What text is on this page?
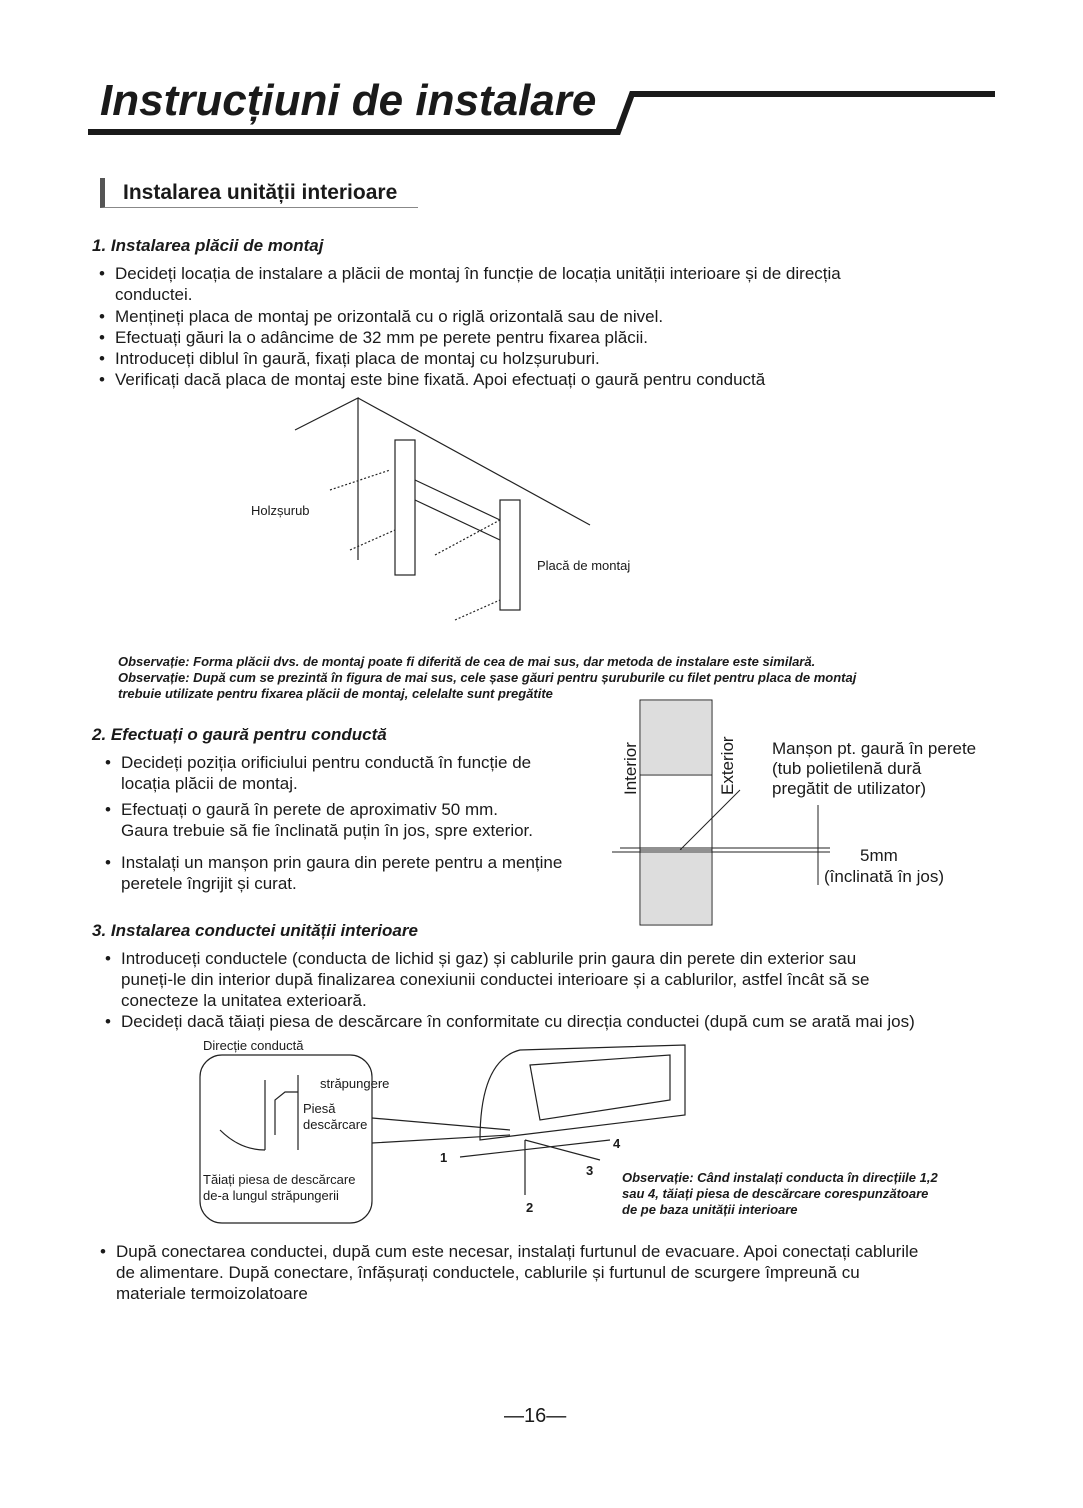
Instrucțiuni de instalare
Instalarea unității interioare
1. Instalarea plăcii de montaj
• Decideți locația de instalare a plăcii de montaj în funcție de locația unității interioare și de direcția
conductei.
• Mențineți placa de montaj pe orizontală cu o riglă orizontală sau de nivel.
• Efectuați găuri la o adâncime de 32 mm pe perete pentru fixarea plăcii.
• Introduceți diblul în gaură, fixați placa de montaj cu holzșuruburi.
• Verificați dacă placa de montaj este bine fixată. Apoi efectuați o gaură pentru conductă
Holzșurub
Placă de montaj
Observație: Forma plăcii dvs. de montaj poate fi diferită de cea de mai sus, dar metoda de instalare este similară.
Observație: După cum se prezintă în figura de mai sus, cele șase găuri pentru șuruburile cu filet pentru placa de montaj
trebuie utilizate pentru fixarea plăcii de montaj, celelalte sunt pregătite
2. Efectuați o gaură pentru conductă
• Decideți poziția orificiului pentru conductă în funcție de
locația plăcii de montaj.
• Efectuați o gaură în perete de aproximativ 50 mm.
Gaura trebuie să fie înclinată puțin în jos, spre exterior.
• Instalați un manșon prin gaura din perete pentru a menține
peretele îngrijit și curat.
Interior	Exterior Manșon pt. gaură în perete
(tub polietilenă dură
pregătit de utilizator)
5mm
(înclinată în jos)
3. Instalarea conductei unității interioare
• Introduceți conductele (conducta de lichid și gaz) și cablurile prin gaura din perete din exterior sau
puneți-le din interior după finalizarea conexiunii conductei interioare și a cablurilor, astfel încât să se
conecteze la unitatea exterioară.
• Decideți dacă tăiați piesa de descărcare în conformitate cu direcția conductei (după cum se arată mai jos)
Direcție conductă
străpungere
Piesă
descărcare
Tăiați piesa de descărcare
de-a lungul străpungerii
1
2
3
4
Observație: Când instalați conducta în direcțiile 1,2
sau 4, tăiați piesa de descărcare corespunzătoare
de pe baza unității interioare
• După conectarea conductei, după cum este necesar, instalați furtunul de evacuare. Apoi conectați cablurile
de alimentare. După conectare, înfășurați conductele, cablurile și furtunul de scurgere împreună cu
materiale termoizolatoare
—16—
